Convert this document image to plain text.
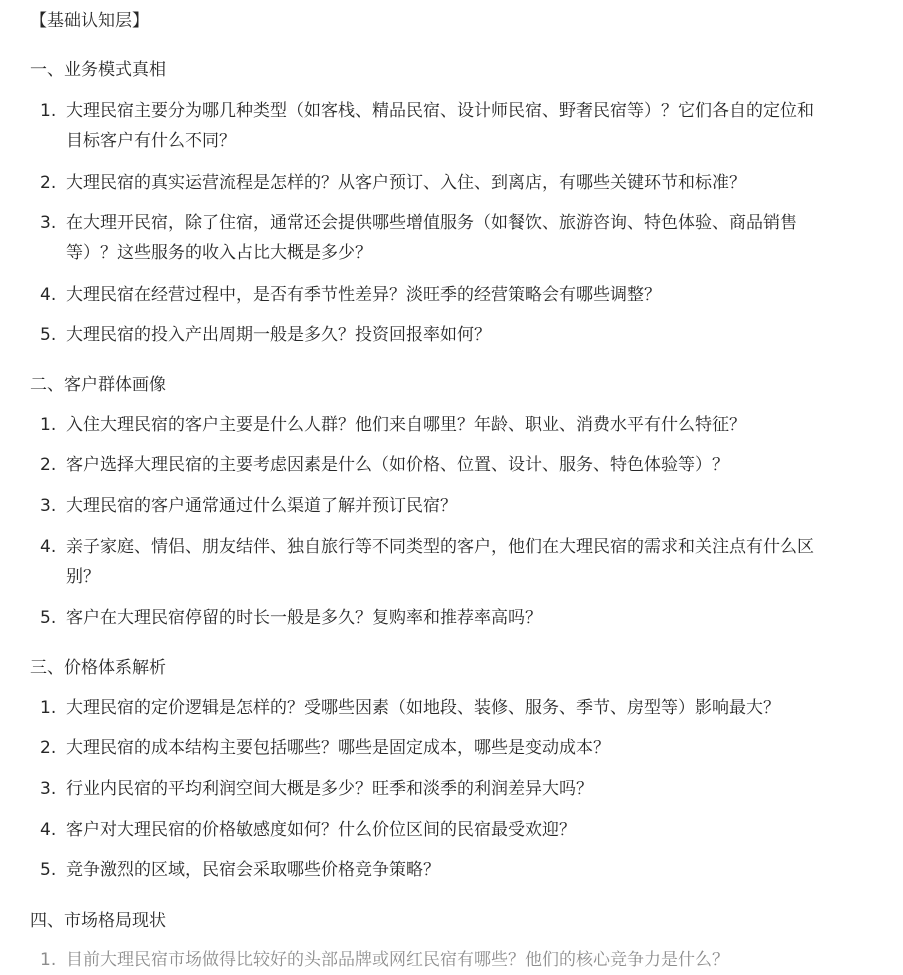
【基础认知层】
一、业务模式真相
1. 大理民宿主要分为哪几种类型（如客栈、精品民宿、设计师民宿、野奢民宿等）？它们各自的定位和目标客户有什么不同？
2. 大理民宿的真实运营流程是怎样的？从客户预订、入住、到离店，有哪些关键环节和标准？
3. 在大理开民宿，除了住宿，通常还会提供哪些增值服务（如餐饮、旅游咨询、特色体验、商品销售等）？这些服务的收入占比大概是多少？
4. 大理民宿在经营过程中，是否有季节性差异？淡旺季的经营策略会有哪些调整？
5. 大理民宿的投入产出周期一般是多久？投资回报率如何？
二、客户群体画像
1. 入住大理民宿的客户主要是什么人群？他们来自哪里？年龄、职业、消费水平有什么特征？
2. 客户选择大理民宿的主要考虑因素是什么（如价格、位置、设计、服务、特色体验等）？
3. 大理民宿的客户通常通过什么渠道了解并预订民宿？
4. 亲子家庭、情侣、朋友结伴、独自旅行等不同类型的客户，他们在大理民宿的需求和关注点有什么区别？
5. 客户在大理民宿停留的时长一般是多久？复购率和推荐率高吗？
三、价格体系解析
1. 大理民宿的定价逻辑是怎样的？受哪些因素（如地段、装修、服务、季节、房型等）影响最大？
2. 大理民宿的成本结构主要包括哪些？哪些是固定成本，哪些是变动成本？
3. 行业内民宿的平均利润空间大概是多少？旺季和淡季的利润差异大吗？
4. 客户对大理民宿的价格敏感度如何？什么价位区间的民宿最受欢迎？
5. 竞争激烈的区域，民宿会采取哪些价格竞争策略？
四、市场格局现状
1. 目前大理民宿市场做得比较好的头部品牌或网红民宿有哪些？他们的核心竞争力是什么？
